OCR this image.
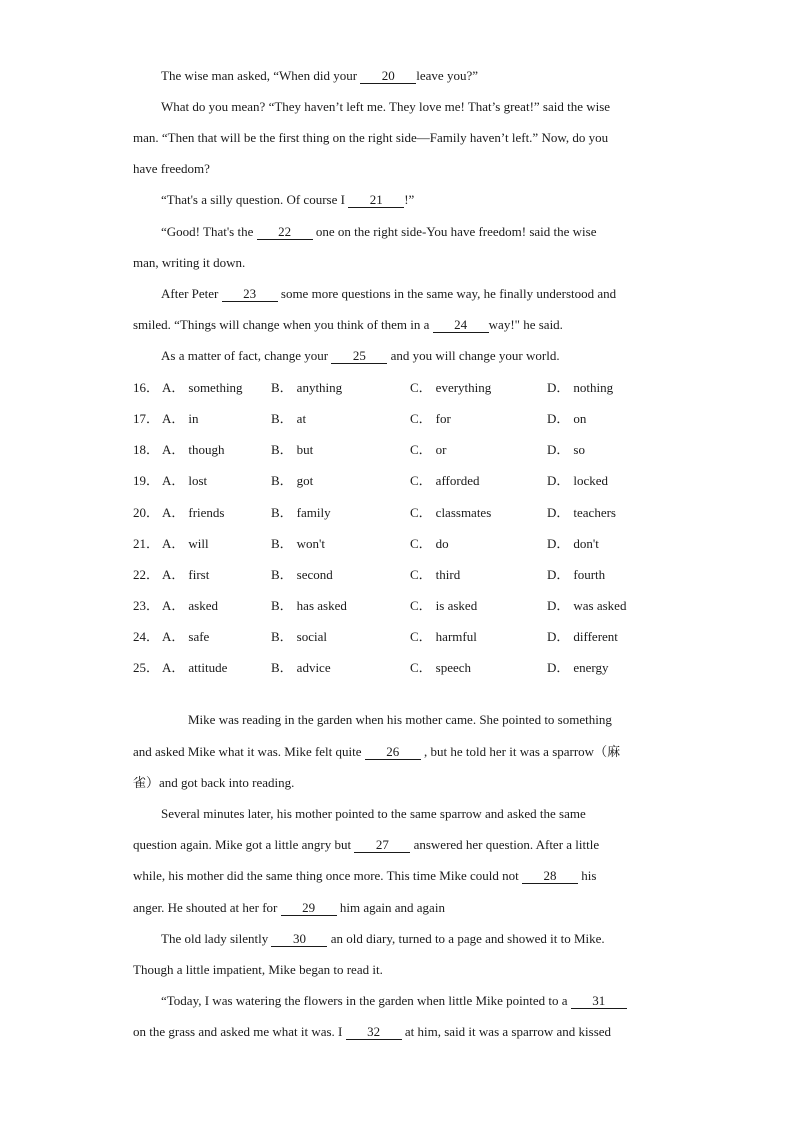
The wise man asked, “When did your 20 leave you?”
What do you mean? “They haven’t left me. They love me! That’s great!” said the wise
man. “Then that will be the first thing on the right side—Family haven’t left.” Now, do you
have freedom?
“That's a silly question. Of course I 21 !”
“Good! That's the 22 one on the right side-You have freedom! said the wise
man, writing it down.
After Peter 23 some more questions in the same way, he finally understood and
smiled. “Things will change when you think of them in a 24 way!" he said.
As a matter of fact, change your 25 and you will change your world.
16． A． something B． anything	C． everything	D． nothing
17． A． in	B． at	C． for	D． on
18． A． though	B． but	C． or	D． so
19． A． lost	B． got	C． afforded	D． locked
20． A． friends	B． family	C． classmates	D． teachers
21． A． will	B． won't	C． do	D． don't
22． A． first	B． second	C． third	D． fourth
23． A． asked	B． has asked	C． is asked	D． was asked
24． A． safe	B． social	C． harmful	D． different
25． A． attitude	B． advice	C． speech	D． energy
Mike was reading in the garden when his mother came. She pointed to something
and asked Mike what it was. Mike felt quite 26 , but he told her it was a sparrow（麻
雀）and got back into reading.
Several minutes later, his mother pointed to the same sparrow and asked the same
question again. Mike got a little angry but 27 answered her question. After a little
while, his mother did the same thing once more. This time Mike could not 28 his
anger. He shouted at her for 29 him again and again
The old lady silently 30 an old diary, turned to a page and showed it to Mike.
Though a little impatient, Mike began to read it.
“Today, I was watering the flowers in the garden when little Mike pointed to a 31
on the grass and asked me what it was. I 32 at him, said it was a sparrow and kissed
